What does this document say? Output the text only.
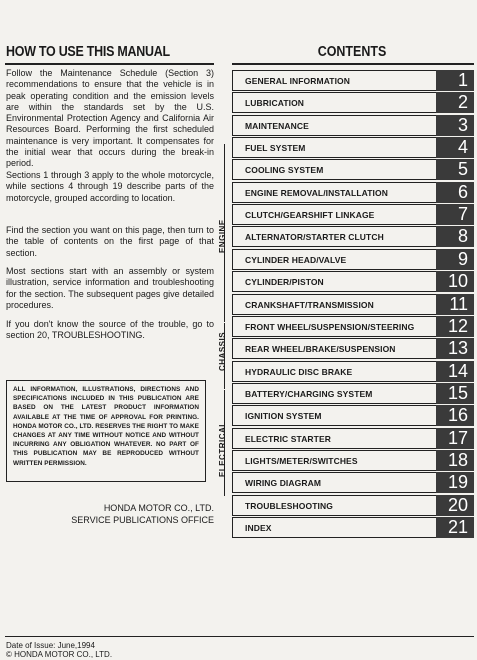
HOW TO USE THIS MANUAL

Follow the Maintenance Schedule (Section 3) recommendations to ensure that the vehicle is in peak operating condition and the emission levels are within the standards set by the U.S. Environmental Protection Agency and California Air Resources Board. Performing the first scheduled maintenance is very important. It compensates for the initial wear that occurs during the break-in period.

Sections 1 through 3 apply to the whole motorcycle, while sections 4 through 19 describe parts of the motorcycle, grouped according to location.

Find the section you want on this page, then turn to the table of contents on the first page of that section.

Most sections start with an assembly or system illustration, service information and troubleshooting for the section. The subsequent pages give detailed procedures.

If you don't know the source of the trouble, go to section 20, TROUBLESHOOTING.

ALL INFORMATION, ILLUSTRATIONS, DIRECTIONS AND SPECIFICATIONS INCLUDED IN THIS PUBLICATION ARE BASED ON THE LATEST PRODUCT INFORMATION AVAILABLE AT THE TIME OF APPROVAL FOR PRINTING. HONDA MOTOR CO., LTD. RESERVES THE RIGHT TO MAKE CHANGES AT ANY TIME WITHOUT NOTICE AND WITHOUT INCURRING ANY OBLIGATION WHATEVER. NO PART OF THIS PUBLICATION MAY BE REPRODUCED WITHOUT WRITTEN PERMISSION.
HONDA MOTOR CO., LTD.
SERVICE PUBLICATIONS OFFICE
CONTENTS
GENERAL INFORMATION	1
LUBRICATION	2
MAINTENANCE	3
FUEL SYSTEM	4
COOLING SYSTEM	5
ENGINE REMOVAL/INSTALLATION	6
CLUTCH/GEARSHIFT LINKAGE	7
ALTERNATOR/STARTER CLUTCH	8
CYLINDER HEAD/VALVE	9
CYLINDER/PISTON	10
CRANKSHAFT/TRANSMISSION	11
FRONT WHEEL/SUSPENSION/STEERING	12
REAR WHEEL/BRAKE/SUSPENSION	13
HYDRAULIC DISC BRAKE	14
BATTERY/CHARGING SYSTEM	15
IGNITION SYSTEM	16
ELECTRIC STARTER	17
LIGHTS/METER/SWITCHES	18
WIRING DIAGRAM	19
TROUBLESHOOTING	20
INDEX	21
ENGINE
CHASSIS
ELECTRICAL
Date of Issue: June,1994
© HONDA MOTOR CO., LTD.
